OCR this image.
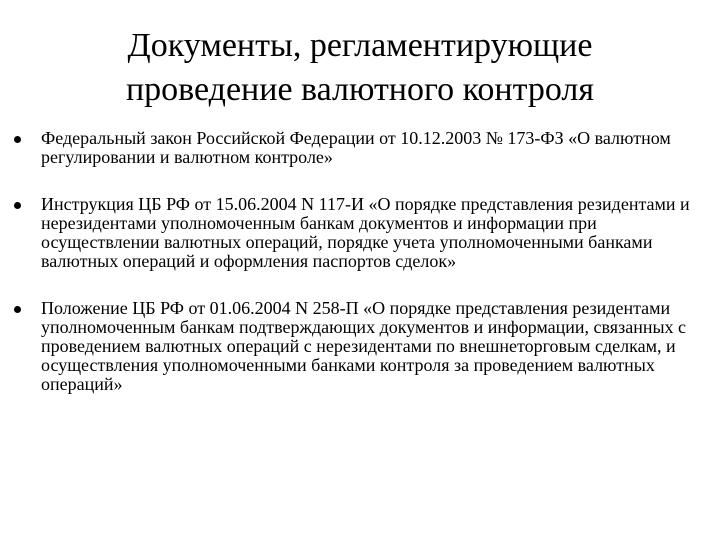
Документы, регламентирующие
проведение валютного контроля
Федеральный закон Российской Федерации от 10.12.2003 № 173-ФЗ «О валютном регулировании и валютном контроле»
Инструкция ЦБ РФ от 15.06.2004 N 117-И «О порядке представления резидентами и нерезидентами уполномоченным банкам документов и информации при осуществлении валютных операций, порядке учета уполномоченными банками валютных операций и оформления паспортов сделок»
Положение ЦБ РФ от 01.06.2004 N 258-П «О порядке представления резидентами уполномоченным банкам подтверждающих документов и информации, связанных с проведением валютных операций с нерезидентами по внешнеторговым сделкам, и осуществления уполномоченными банками контроля за проведением валютных операций»
